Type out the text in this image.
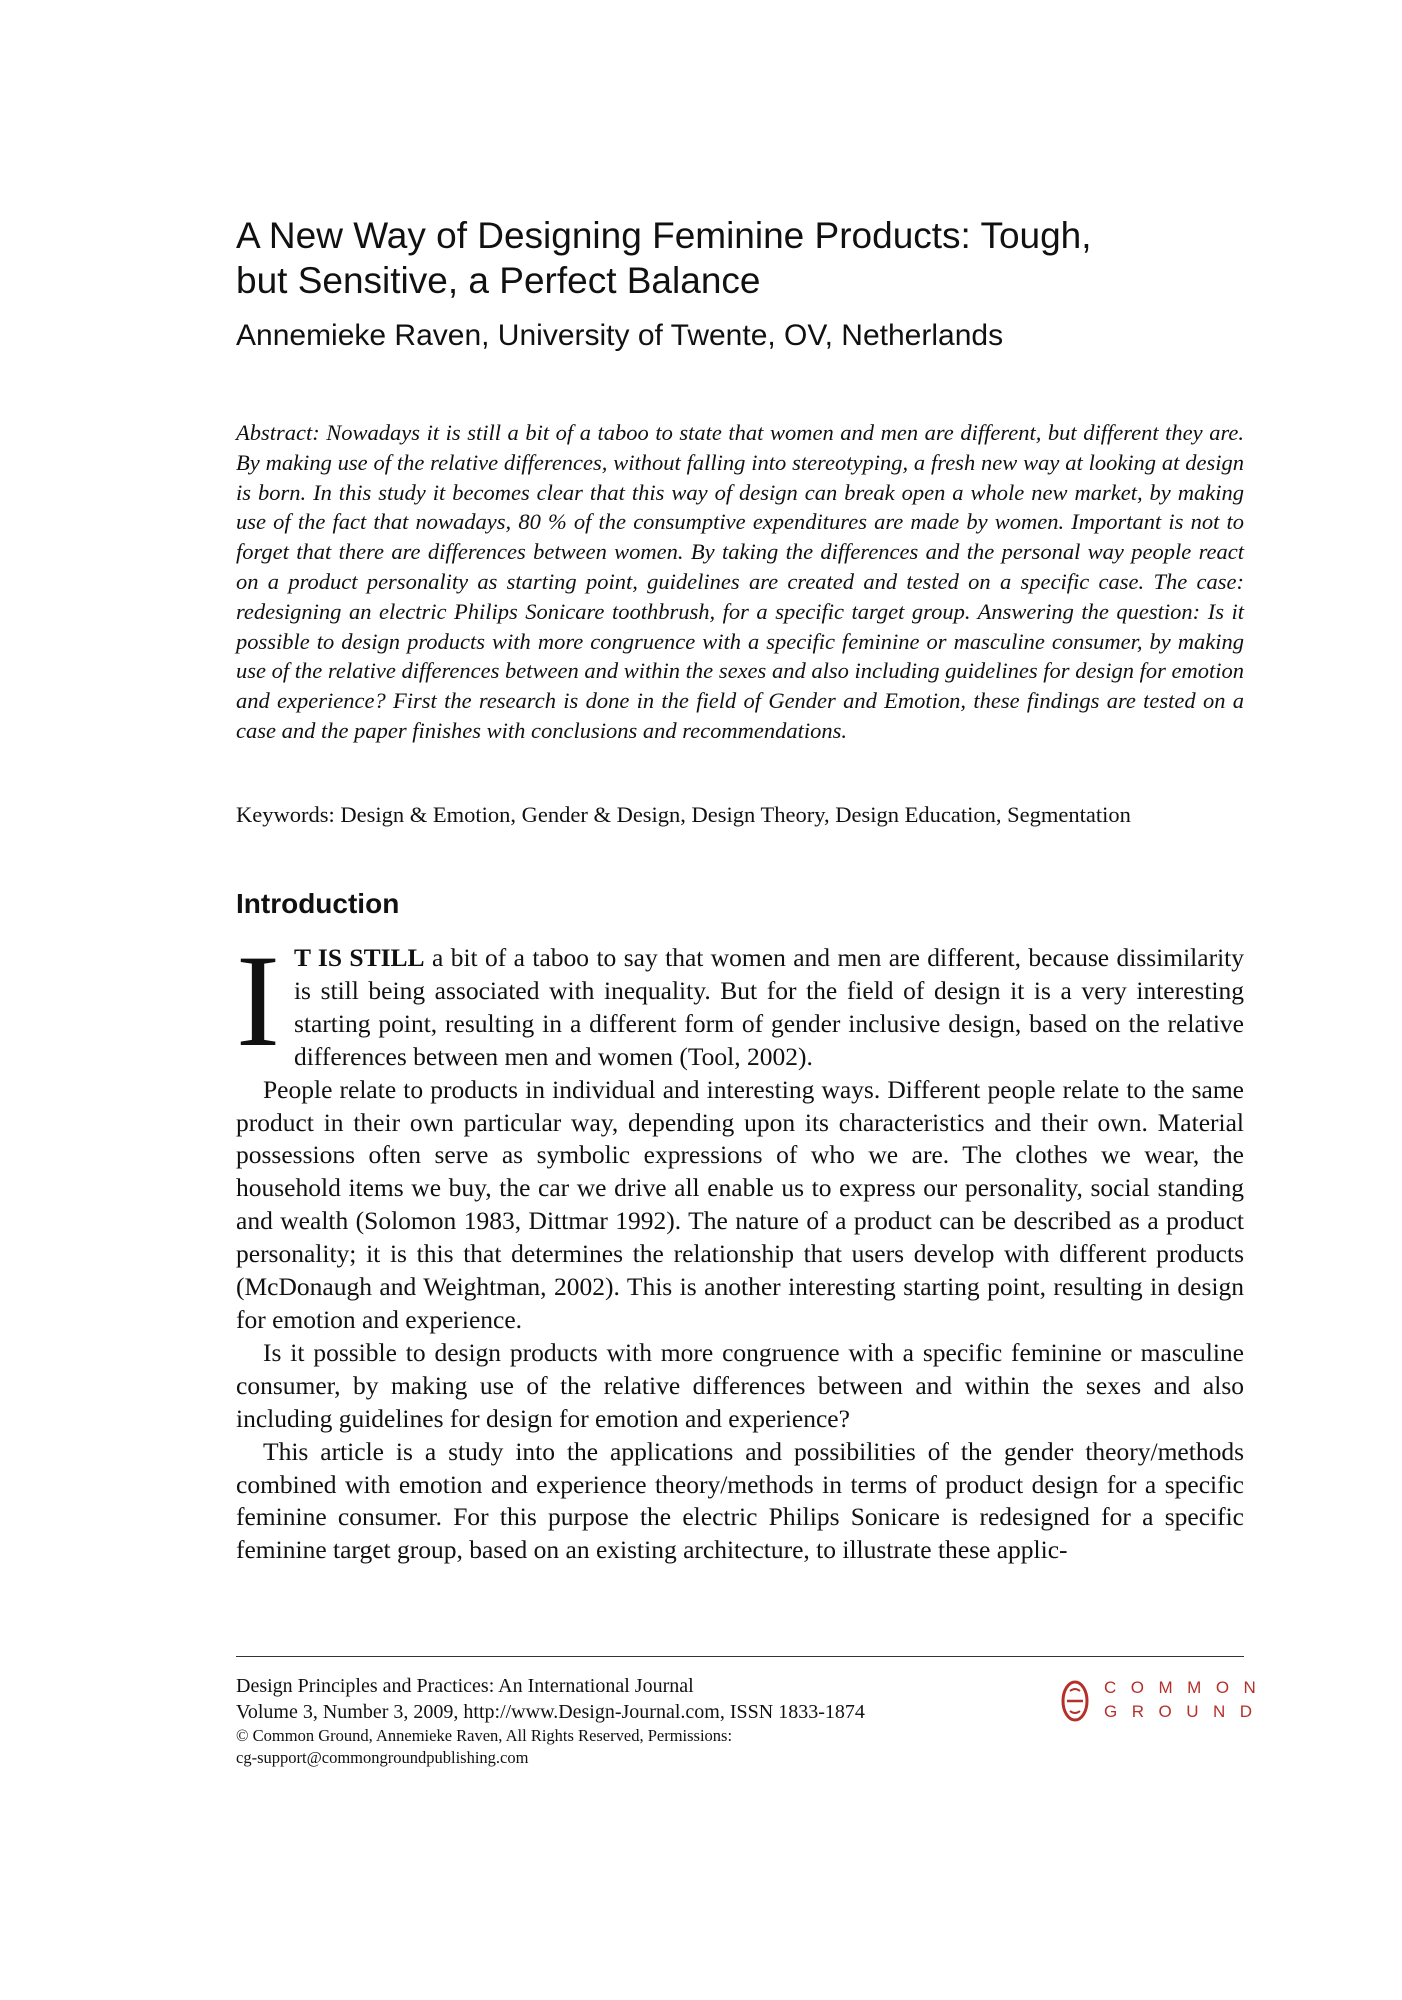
A New Way of Designing Feminine Products: Tough,
but Sensitive, a Perfect Balance
Annemieke Raven, University of Twente, OV, Netherlands

Abstract: Nowadays it is still a bit of a taboo to state that women and men are different, but different they are. By making use of the relative differences, without falling into stereotyping, a fresh new way at looking at design is born. In this study it becomes clear that this way of design can break open a whole new market, by making use of the fact that nowadays, 80 % of the consumptive expenditures are made by women. Important is not to forget that there are differences between women. By taking the differences and the personal way people react on a product personality as starting point, guidelines are created and tested on a specific case. The case: redesigning an electric Philips Sonicare toothbrush, for a specific target group. Answering the question: Is it possible to design products with more congruence with a specific feminine or masculine consumer, by making use of the relative differences between and within the sexes and also including guidelines for design for emotion and experience? First the research is done in the field of Gender and Emotion, these findings are tested on a case and the paper finishes with conclusions and recommendations.

Keywords: Design & Emotion, Gender & Design, Design Theory, Design Education, Segmentation
Introduction

I T IS STILL a bit of a taboo to say that women and men are different, because dissimilarity is still being associated with inequality. But for the field of design it is a very interesting starting point, resulting in a different form of gender inclusive design, based on the relative differences between men and women (Tool, 2002).

People relate to products in individual and interesting ways. Different people relate to the same product in their own particular way, depending upon its characteristics and their own. Material possessions often serve as symbolic expressions of who we are. The clothes we wear, the household items we buy, the car we drive all enable us to express our personality, social standing and wealth (Solomon 1983, Dittmar 1992). The nature of a product can be described as a product personality; it is this that determines the relationship that users develop with different products (McDonaugh and Weightman, 2002). This is another interesting starting point, resulting in design for emotion and experience.

Is it possible to design products with more congruence with a specific feminine or masculine consumer, by making use of the relative differences between and within the sexes and also including guidelines for design for emotion and experience?

This article is a study into the applications and possibilities of the gender theory/methods combined with emotion and experience theory/methods in terms of product design for a specific feminine consumer. For this purpose the electric Philips Sonicare is redesigned for a specific feminine target group, based on an existing architecture, to illustrate these applic-

Design Principles and Practices: An International Journal
Volume 3, Number 3, 2009, http://www.Design-Journal.com, ISSN 1833-1874
© Common Ground, Annemieke Raven, All Rights Reserved, Permissions:
cg-support@commongroundpublishing.com
COMMON
GROUND
